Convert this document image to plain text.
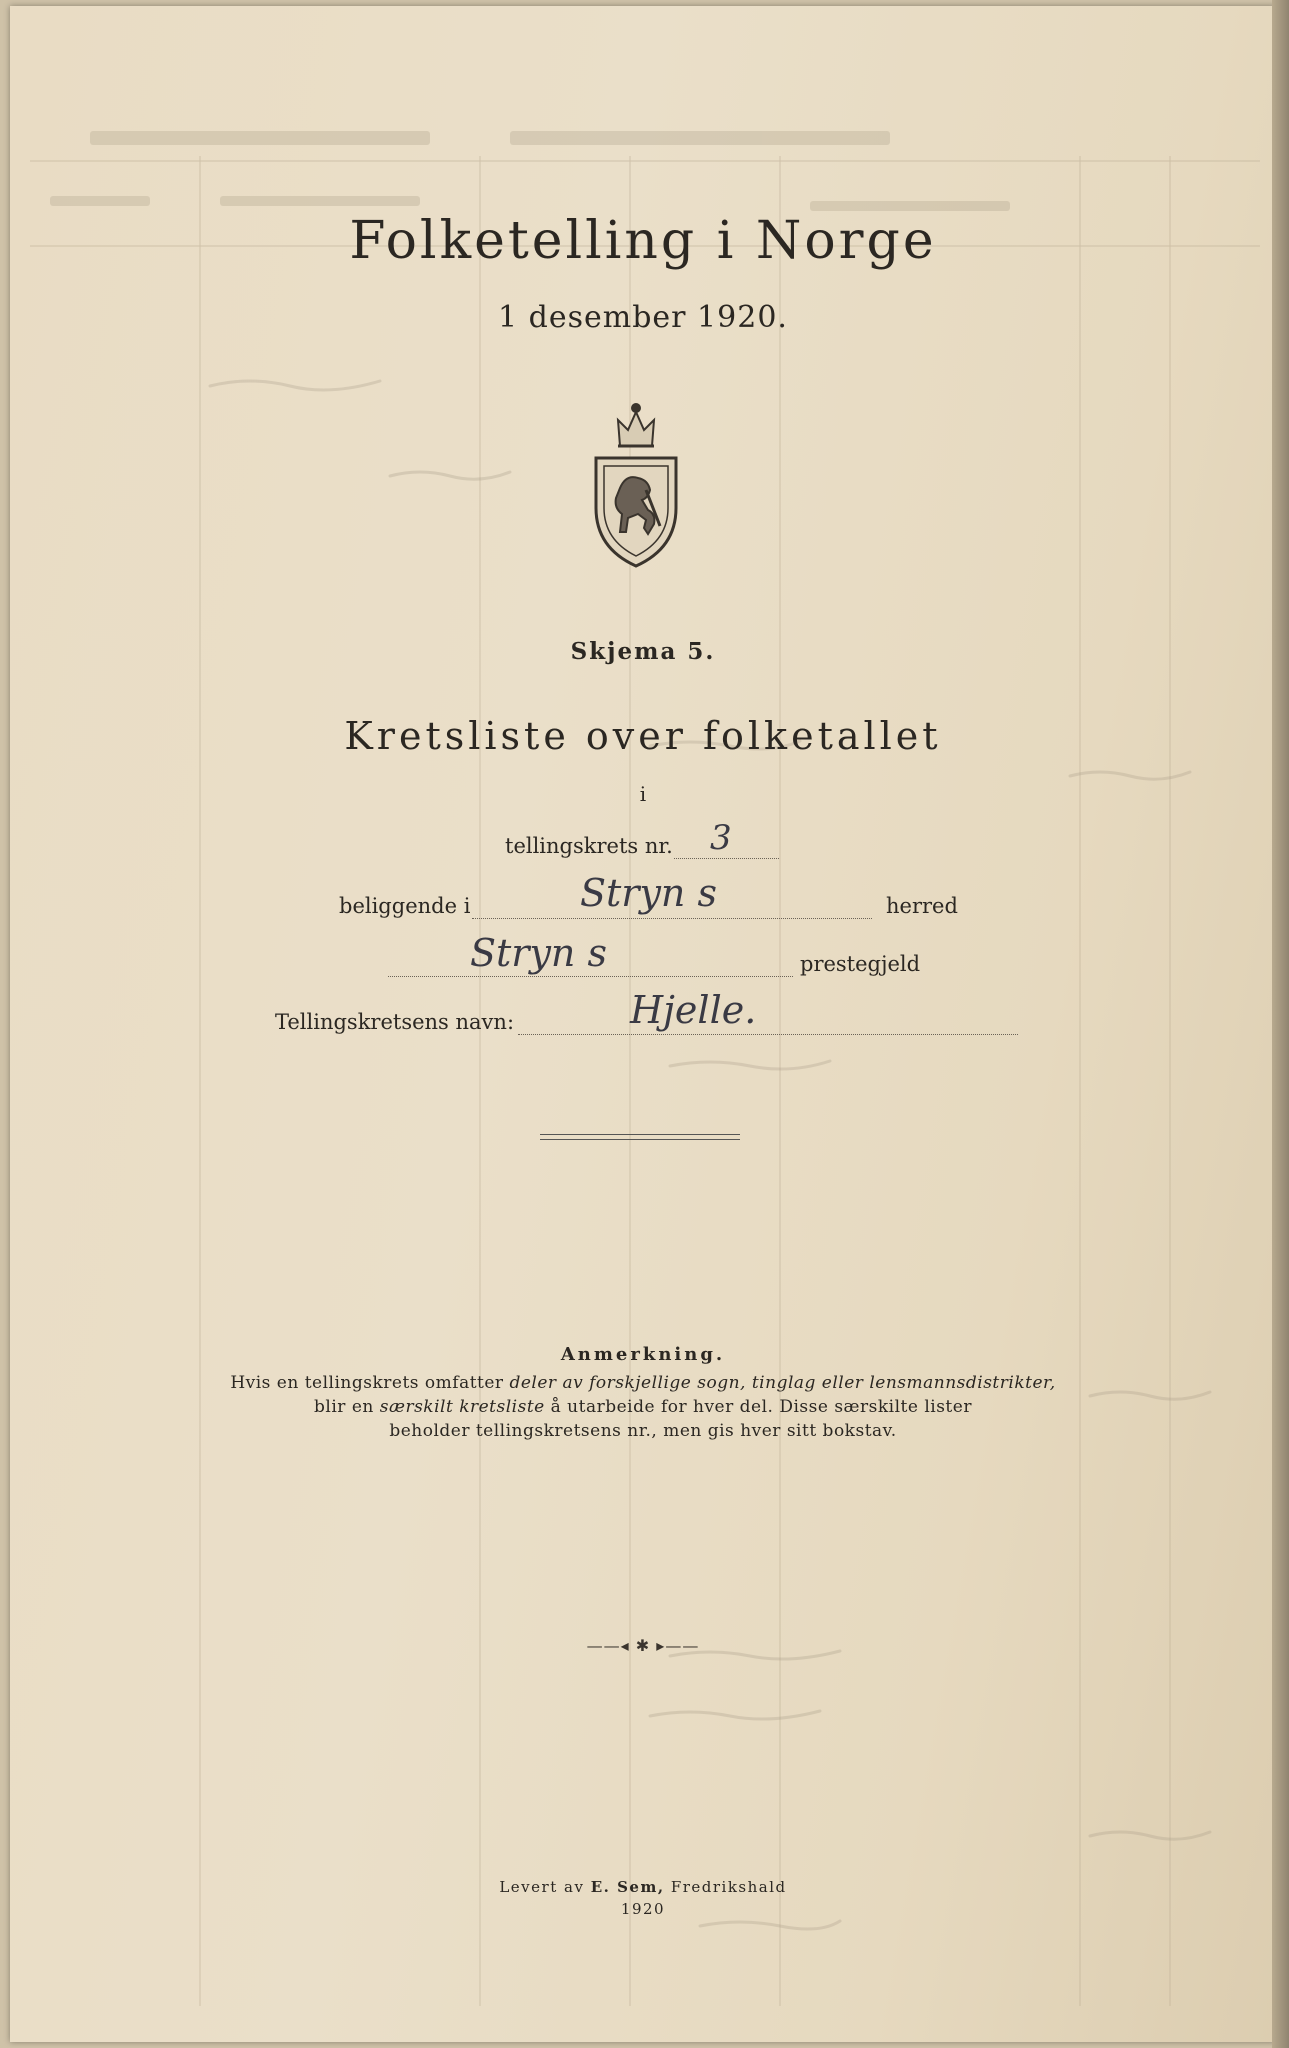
Folketelling i Norge
1 desember 1920.
Skjema 5.
Kretsliste over folketallet
i
tellingskrets nr. 3
beliggende i	Stryn s	herred
Stryn s	prestegjeld
Tellingskretsens navn:	Hjelle.
Anmerkning.
Hvis en tellingskrets omfatter deler av forskjellige sogn, tinglag eller lensmannsdistrikter,
blir en særskilt kretsliste å utarbeide for hver del. Disse særskilte lister
beholder tellingskretsens nr., men gis hver sitt bokstav.
——◂ ✱ ▸——
Levert av E. Sem, Fredrikshald
1920
